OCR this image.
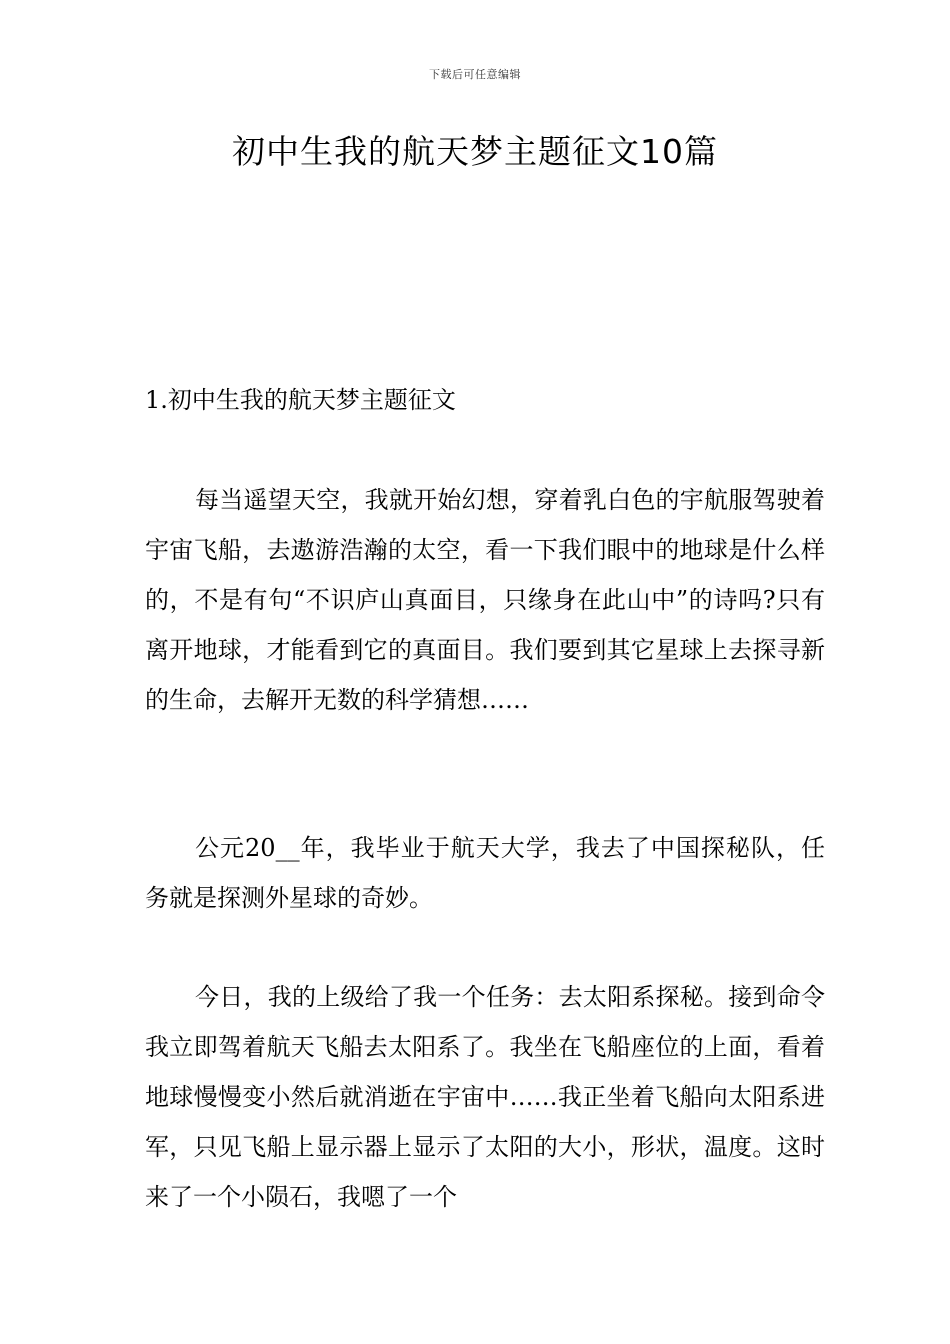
下载后可任意编辑
初中生我的航天梦主题征文10篇
1.初中生我的航天梦主题征文

每当遥望天空，我就开始幻想，穿着乳白色的宇航服驾驶着宇宙飞船，去遨游浩瀚的太空，看一下我们眼中的地球是什么样的，不是有句“不识庐山真面目，只缘身在此山中”的诗吗?只有离开地球，才能看到它的真面目。我们要到其它星球上去探寻新的生命，去解开无数的科学猜想……

公元20__年，我毕业于航天大学，我去了中国探秘队，任务就是探测外星球的奇妙。

今日，我的上级给了我一个任务：去太阳系探秘。接到命令我立即驾着航天飞船去太阳系了。我坐在飞船座位的上面，看着地球慢慢变小然后就消逝在宇宙中……我正坐着飞船向太阳系进军，只见飞船上显示器上显示了太阳的大小，形状，温度。这时来了一个小陨石，我嗯了一个
